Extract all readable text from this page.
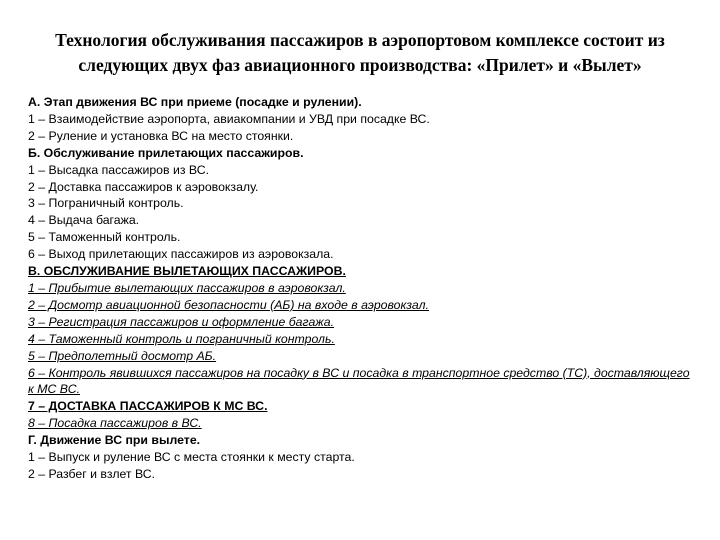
Технология обслуживания пассажиров в аэропортовом комплексе состоит из следующих двух фаз авиационного производства: «Прилет» и «Вылет»
А. Этап движения ВС при приеме (посадке и рулении).
1 – Взаимодействие аэропорта, авиакомпании и УВД при посадке ВС.
2 – Руление и установка ВС на место стоянки.
Б. Обслуживание прилетающих пассажиров.
1 – Высадка пассажиров из ВС.
2 – Доставка пассажиров к аэровокзалу.
3 – Пограничный контроль.
4 – Выдача багажа.
5 – Таможенный контроль.
6 – Выход прилетающих пассажиров из аэровокзала.
В. ОБСЛУЖИВАНИЕ ВЫЛЕТАЮЩИХ ПАССАЖИРОВ.
1 – Прибытие вылетающих пассажиров в аэровокзал.
2 – Досмотр авиационной безопасности (АБ) на входе в аэровокзал.
3 – Регистрация пассажиров и оформление багажа.
4 – Таможенный контроль и пограничный контроль.
5 – Предполетный досмотр АБ.
6 – Контроль явившихся пассажиров на посадку в ВС и посадка в транспортное средство (ТС), доставляющего к МС ВС.
7 – ДОСТАВКА ПАССАЖИРОВ К МС ВС.
8 – Посадка пассажиров в ВС.
Г. Движение ВС при вылете.
1 – Выпуск и руление ВС с места стоянки к месту старта.
2 – Разбег и взлет ВС.
